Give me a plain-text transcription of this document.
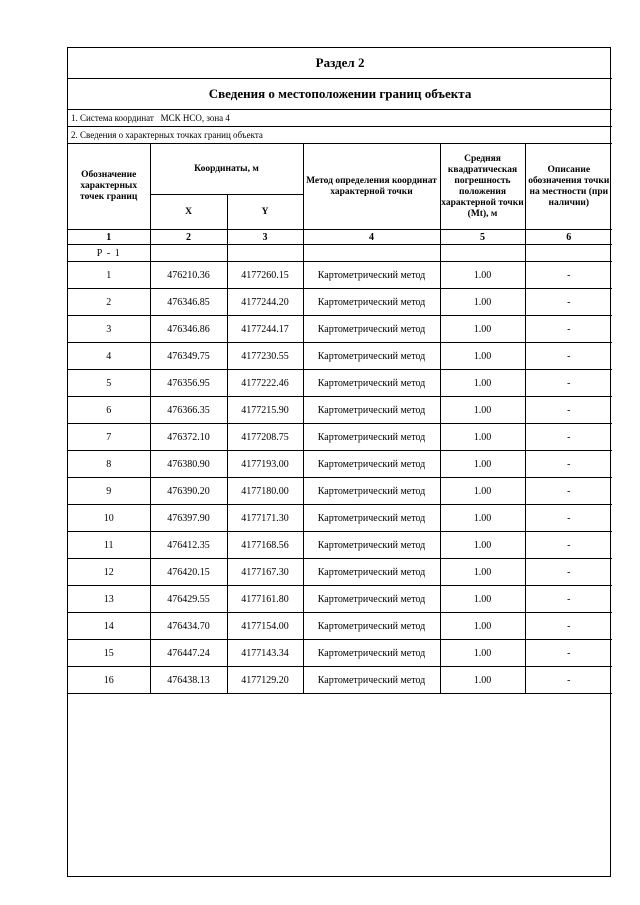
Раздел 2					
Сведения о местоположении границ объекта					
1. Система координат МСК НСО, зона 4					
2. Сведения о характерных точках границ объекта					
Обозначение характерных точек границ	Координаты, м		Метод определения координат характерной точки	Средняя квадратическая погрешность положения характерной точки (Mt), м	Описание обозначения точки на местности (при наличии)
	X	Y			
1	2	3	4	5	6
Р - 1					
1	476210.36	4177260.15	Картометрический метод	1.00	-
2	476346.85	4177244.20	Картометрический метод	1.00	-
3	476346.86	4177244.17	Картометрический метод	1.00	-
4	476349.75	4177230.55	Картометрический метод	1.00	-
5	476356.95	4177222.46	Картометрический метод	1.00	-
6	476366.35	4177215.90	Картометрический метод	1.00	-
7	476372.10	4177208.75	Картометрический метод	1.00	-
8	476380.90	4177193.00	Картометрический метод	1.00	-
9	476390.20	4177180.00	Картометрический метод	1.00	-
10	476397.90	4177171.30	Картометрический метод	1.00	-
11	476412.35	4177168.56	Картометрический метод	1.00	-
12	476420.15	4177167.30	Картометрический метод	1.00	-
13	476429.55	4177161.80	Картометрический метод	1.00	-
14	476434.70	4177154.00	Картометрический метод	1.00	-
15	476447.24	4177143.34	Картометрический метод	1.00	-
16	476438.13	4177129.20	Картометрический метод	1.00	-
